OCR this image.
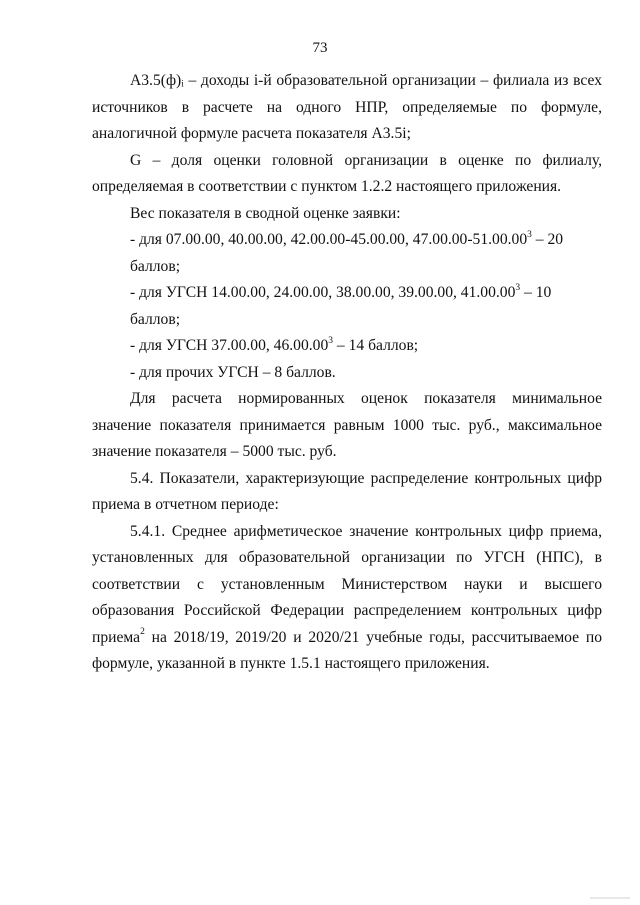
73

А3.5(ф)ᵢ – доходы i-й образовательной организации – филиала из всех источников в расчете на одного НПР, определяемые по формуле, аналогичной формуле расчета показателя А3.5i;

G – доля оценки головной организации в оценке по филиалу, определяемая в соответствии с пунктом 1.2.2 настоящего приложения.

Вес показателя в сводной оценке заявки:

- для 07.00.00, 40.00.00, 42.00.00-45.00.00, 47.00.00-51.00.00$^3$ – 20 баллов;

- для УГСН 14.00.00, 24.00.00, 38.00.00, 39.00.00, 41.00.00$^3$ – 10 баллов;

- для УГСН 37.00.00, 46.00.00$^3$ – 14 баллов;

- для прочих УГСН – 8 баллов.

Для расчета нормированных оценок показателя минимальное значение показателя принимается равным 1000 тыс. руб., максимальное значение показателя – 5000 тыс. руб.

5.4. Показатели, характеризующие распределение контрольных цифр приема в отчетном периоде:

5.4.1. Среднее арифметическое значение контрольных цифр приема, установленных для образовательной организации по УГСН (НПС), в соответствии с установленным Министерством науки и высшего образования Российской Федерации распределением контрольных цифр приема$^2$ на 2018/19, 2019/20 и 2020/21 учебные годы, рассчитываемое по формуле, указанной в пункте 1.5.1 настоящего приложения.
